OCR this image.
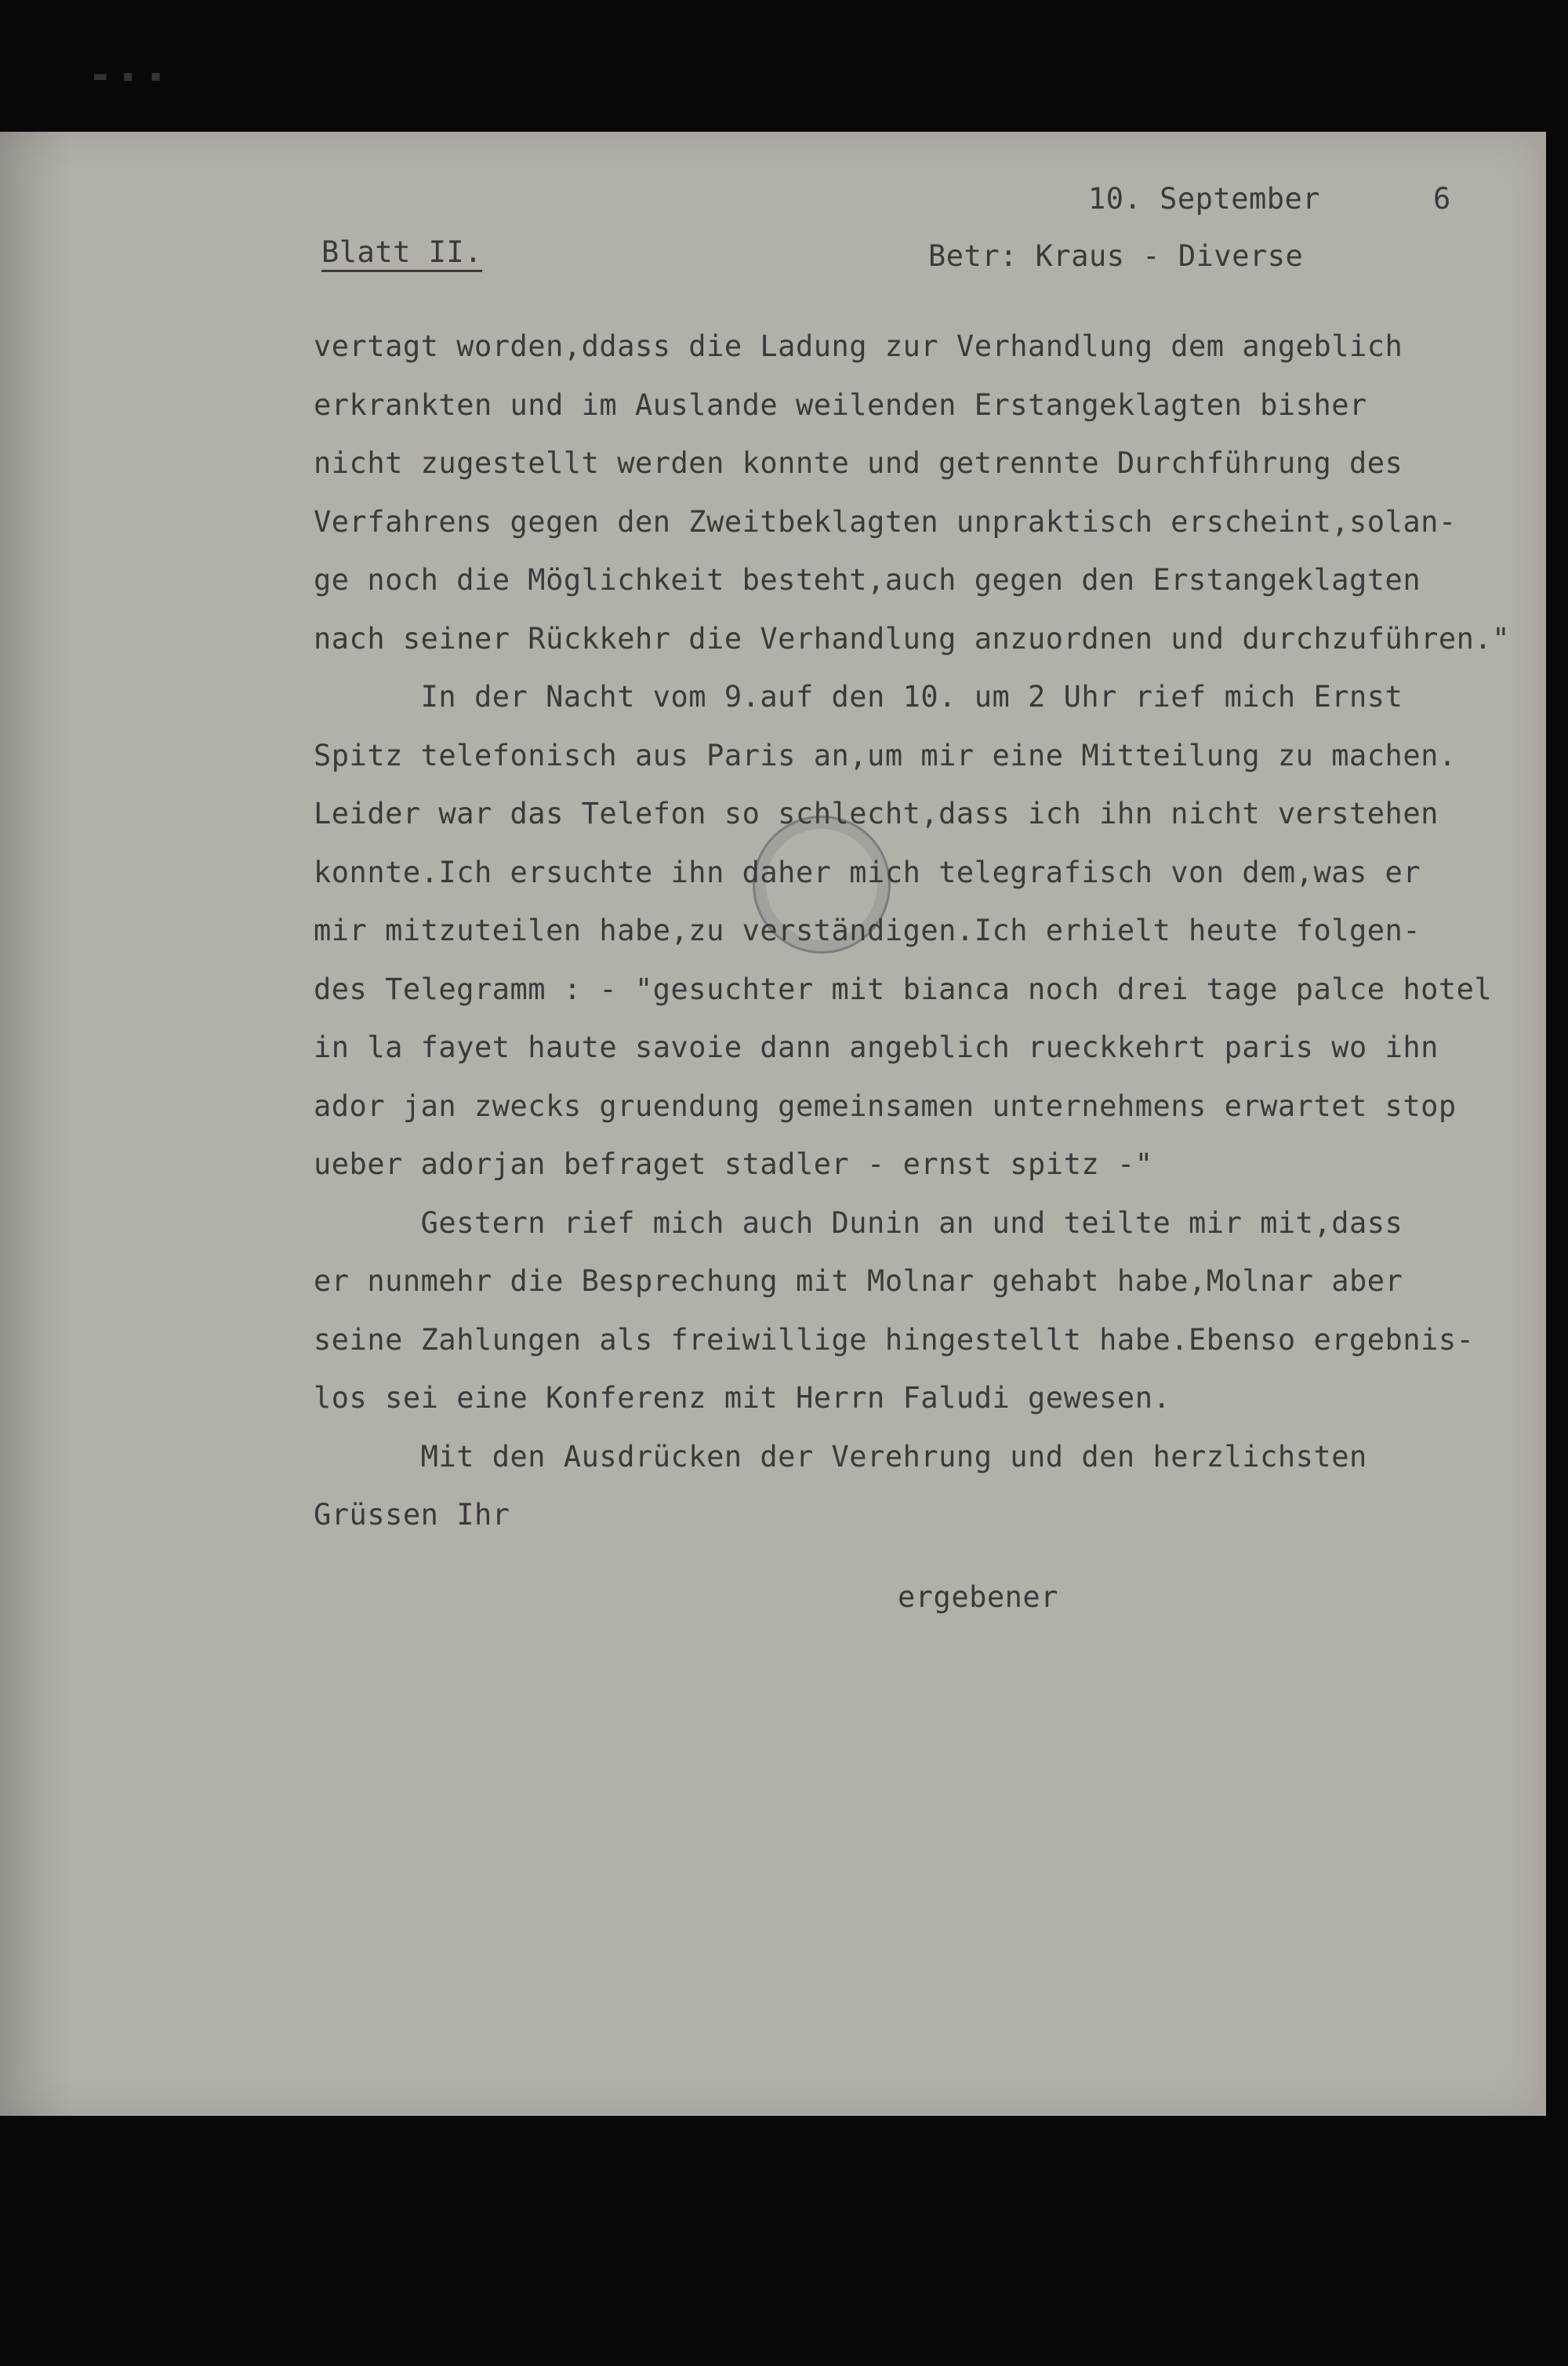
▬ ▪ ▪
10. September	6
Blatt II.	Betr: Kraus - Diverse
vertagt worden,ddass die Ladung zur Verhandlung dem angeblich
erkrankten und im Auslande weilenden Erstangeklagten bisher
nicht zugestellt werden konnte und getrennte Durchführung des
Verfahrens gegen den Zweitbeklagten unpraktisch erscheint,solan-
ge noch die Möglichkeit besteht,auch gegen den Erstangeklagten
nach seiner Rückkehr die Verhandlung anzuordnen und durchzuführen."
In der Nacht vom 9.auf den 10. um 2 Uhr rief mich Ernst
Spitz telefonisch aus Paris an,um mir eine Mitteilung zu machen.
Leider war das Telefon so schlecht,dass ich ihn nicht verstehen
konnte.Ich ersuchte ihn daher mich telegrafisch von dem,was er
mir mitzuteilen habe,zu verständigen.Ich erhielt heute folgen-
des Telegramm : - "gesuchter mit bianca noch drei tage palce hotel
in la fayet haute savoie dann angeblich rueckkehrt paris wo ihn
ador jan zwecks gruendung gemeinsamen unternehmens erwartet stop
ueber adorjan befraget stadler - ernst spitz -"
Gestern rief mich auch Dunin an und teilte mir mit,dass
er nunmehr die Besprechung mit Molnar gehabt habe,Molnar aber
seine Zahlungen als freiwillige hingestellt habe.Ebenso ergebnis-
los sei eine Konferenz mit Herrn Faludi gewesen.
Mit den Ausdrücken der Verehrung und den herzlichsten
Grüssen Ihr
ergebener
